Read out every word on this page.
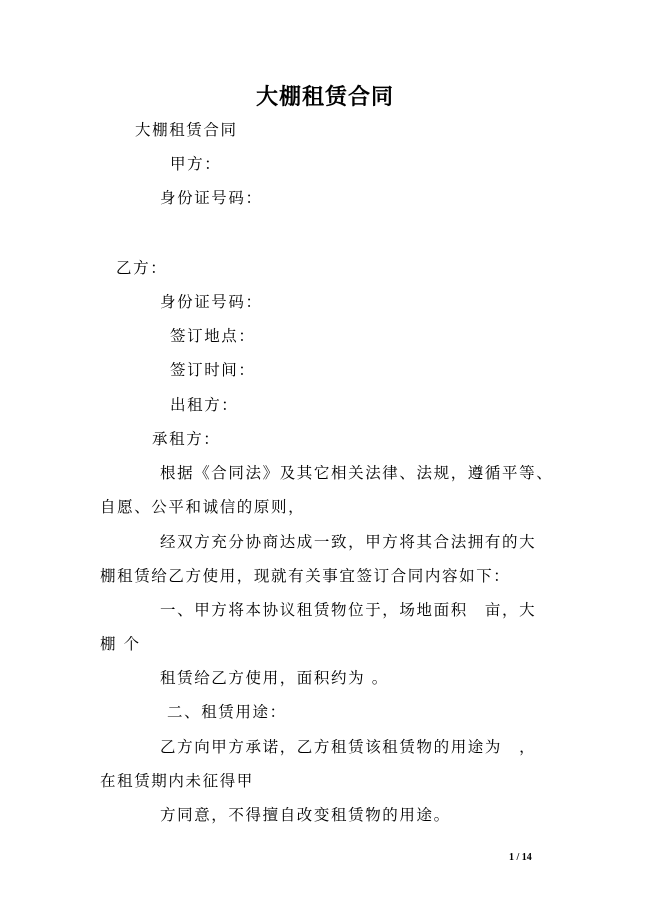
大棚租赁合同
大棚租赁合同
甲方：
身份证号码：
乙方：
身份证号码：
签订地点：
签订时间：
出租方：
承租方：
根据《合同法》及其它相关法律、法规，遵循平等、
自愿、公平和诚信的原则，
经双方充分协商达成一致，甲方将其合法拥有的大
棚租赁给乙方使用，现就有关事宜签订合同内容如下：
一、甲方将本协议租赁物位于，场地面积　亩，大
棚 个
租赁给乙方使用，面积约为 。
二、租赁用途：
乙方向甲方承诺，乙方租赁该租赁物的用途为　，
在租赁期内未征得甲
方同意，不得擅自改变租赁物的用途。
1 / 14
